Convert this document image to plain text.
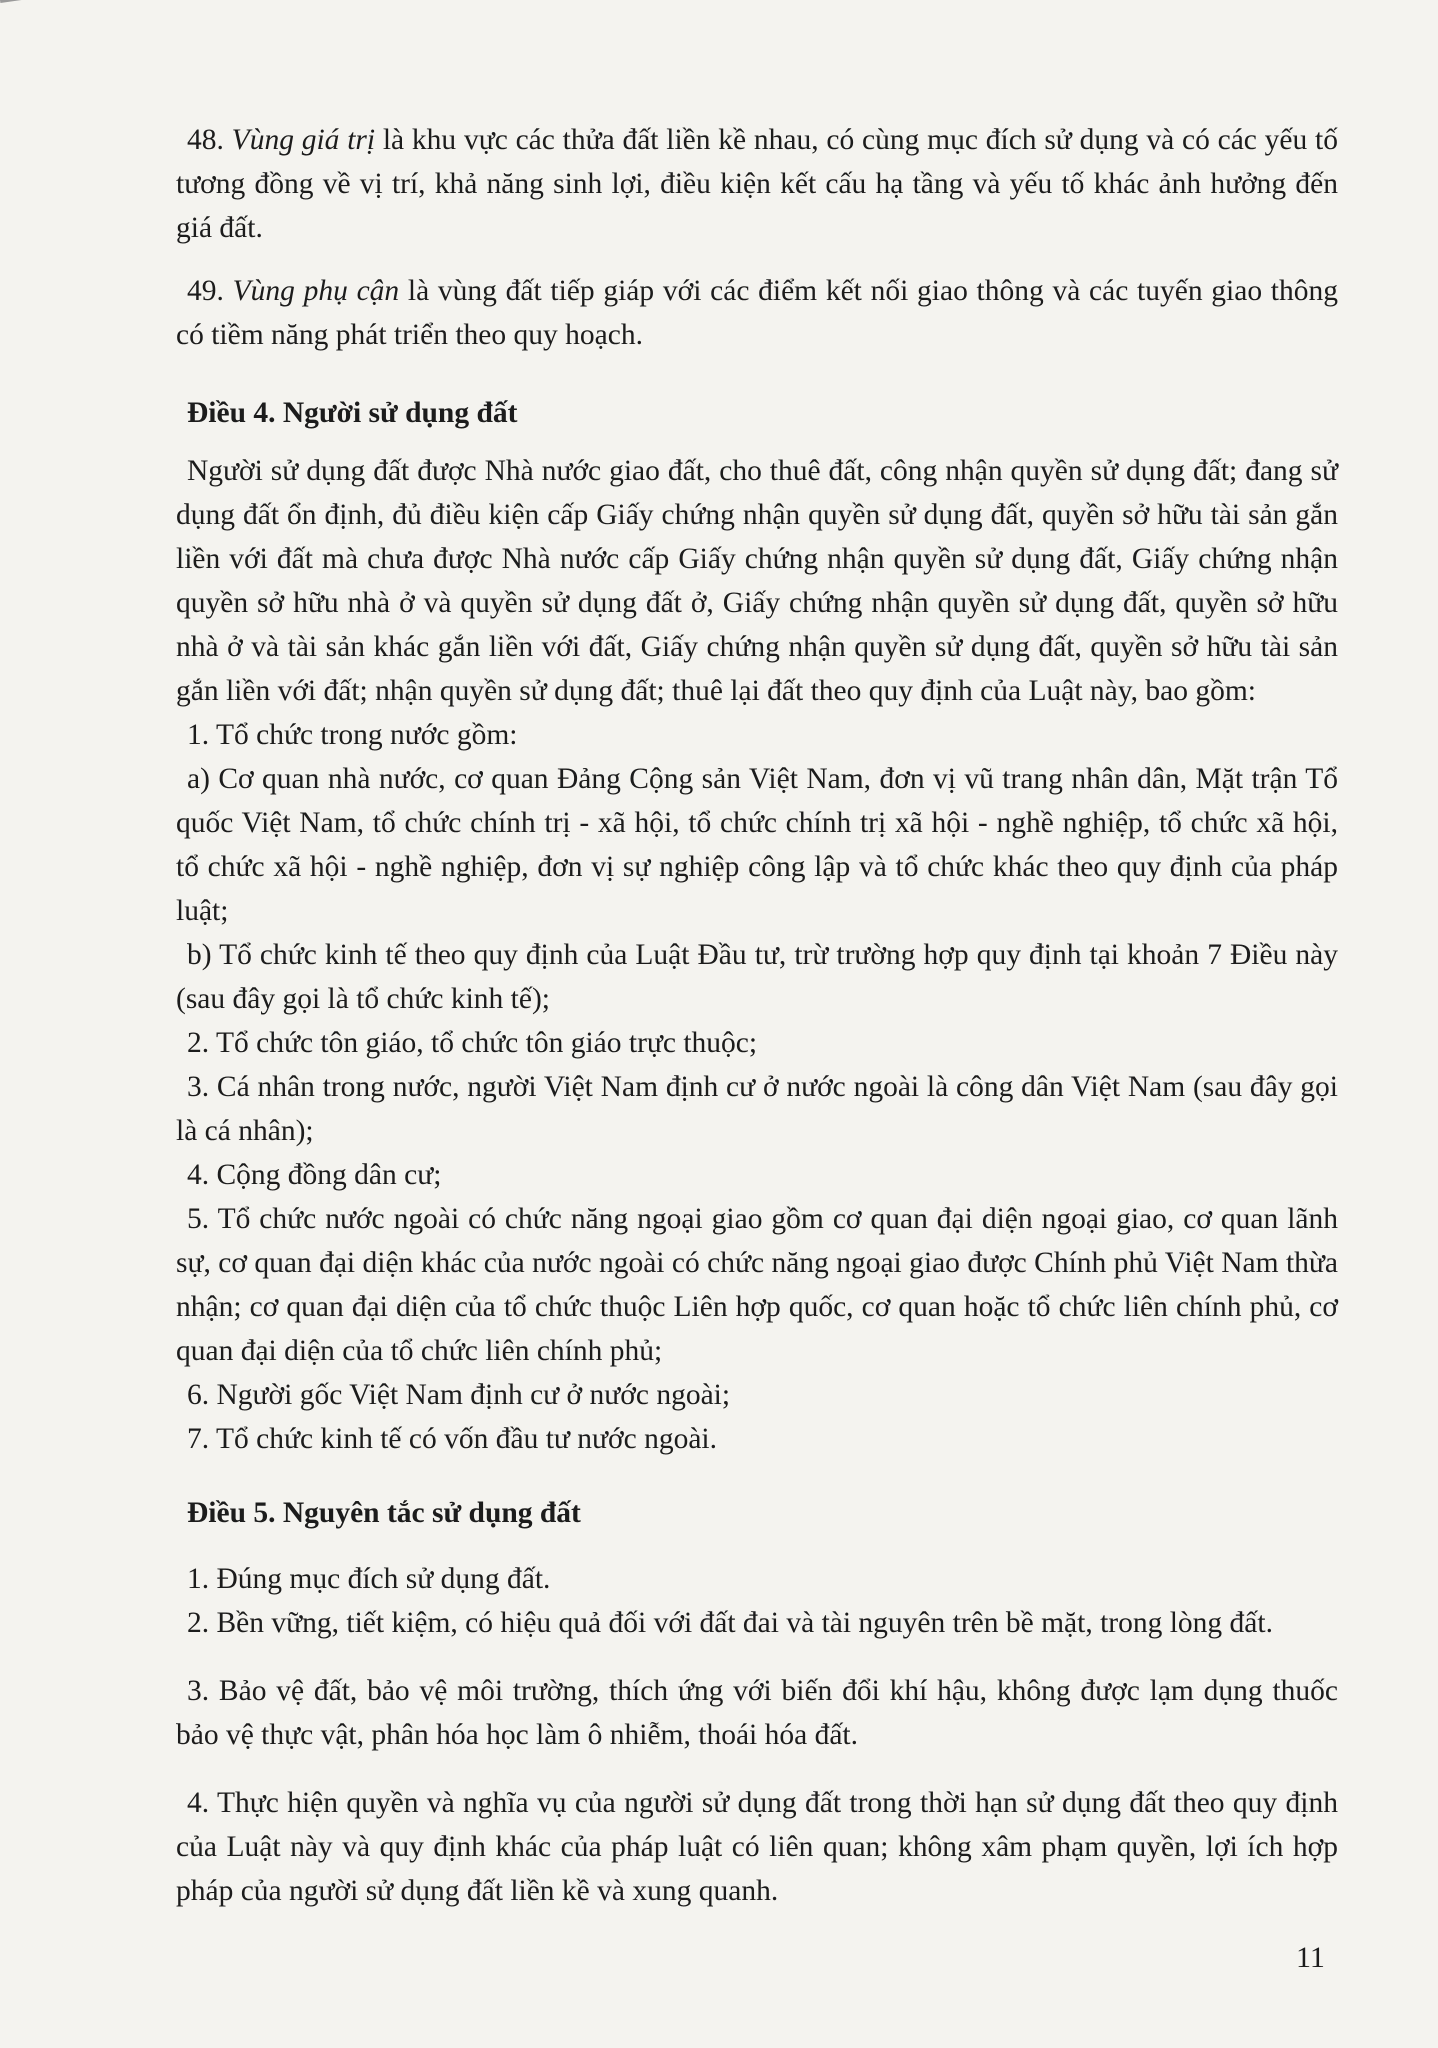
48. Vùng giá trị là khu vực các thửa đất liền kề nhau, có cùng mục đích sử dụng và có các yếu tố tương đồng về vị trí, khả năng sinh lợi, điều kiện kết cấu hạ tầng và yếu tố khác ảnh hưởng đến giá đất.

49. Vùng phụ cận là vùng đất tiếp giáp với các điểm kết nối giao thông và các tuyến giao thông có tiềm năng phát triển theo quy hoạch.

Điều 4. Người sử dụng đất

Người sử dụng đất được Nhà nước giao đất, cho thuê đất, công nhận quyền sử dụng đất; đang sử dụng đất ổn định, đủ điều kiện cấp Giấy chứng nhận quyền sử dụng đất, quyền sở hữu tài sản gắn liền với đất mà chưa được Nhà nước cấp Giấy chứng nhận quyền sử dụng đất, Giấy chứng nhận quyền sở hữu nhà ở và quyền sử dụng đất ở, Giấy chứng nhận quyền sử dụng đất, quyền sở hữu nhà ở và tài sản khác gắn liền với đất, Giấy chứng nhận quyền sử dụng đất, quyền sở hữu tài sản gắn liền với đất; nhận quyền sử dụng đất; thuê lại đất theo quy định của Luật này, bao gồm:

1. Tổ chức trong nước gồm:

a) Cơ quan nhà nước, cơ quan Đảng Cộng sản Việt Nam, đơn vị vũ trang nhân dân, Mặt trận Tổ quốc Việt Nam, tổ chức chính trị - xã hội, tổ chức chính trị xã hội - nghề nghiệp, tổ chức xã hội, tổ chức xã hội - nghề nghiệp, đơn vị sự nghiệp công lập và tổ chức khác theo quy định của pháp luật;

b) Tổ chức kinh tế theo quy định của Luật Đầu tư, trừ trường hợp quy định tại khoản 7 Điều này (sau đây gọi là tổ chức kinh tế);

2. Tổ chức tôn giáo, tổ chức tôn giáo trực thuộc;

3. Cá nhân trong nước, người Việt Nam định cư ở nước ngoài là công dân Việt Nam (sau đây gọi là cá nhân);

4. Cộng đồng dân cư;

5. Tổ chức nước ngoài có chức năng ngoại giao gồm cơ quan đại diện ngoại giao, cơ quan lãnh sự, cơ quan đại diện khác của nước ngoài có chức năng ngoại giao được Chính phủ Việt Nam thừa nhận; cơ quan đại diện của tổ chức thuộc Liên hợp quốc, cơ quan hoặc tổ chức liên chính phủ, cơ quan đại diện của tổ chức liên chính phủ;

6. Người gốc Việt Nam định cư ở nước ngoài;

7. Tổ chức kinh tế có vốn đầu tư nước ngoài.

Điều 5. Nguyên tắc sử dụng đất

1. Đúng mục đích sử dụng đất.

2. Bền vững, tiết kiệm, có hiệu quả đối với đất đai và tài nguyên trên bề mặt, trong lòng đất.

3. Bảo vệ đất, bảo vệ môi trường, thích ứng với biến đổi khí hậu, không được lạm dụng thuốc bảo vệ thực vật, phân hóa học làm ô nhiễm, thoái hóa đất.

4. Thực hiện quyền và nghĩa vụ của người sử dụng đất trong thời hạn sử dụng đất theo quy định của Luật này và quy định khác của pháp luật có liên quan; không xâm phạm quyền, lợi ích hợp pháp của người sử dụng đất liền kề và xung quanh.

11
